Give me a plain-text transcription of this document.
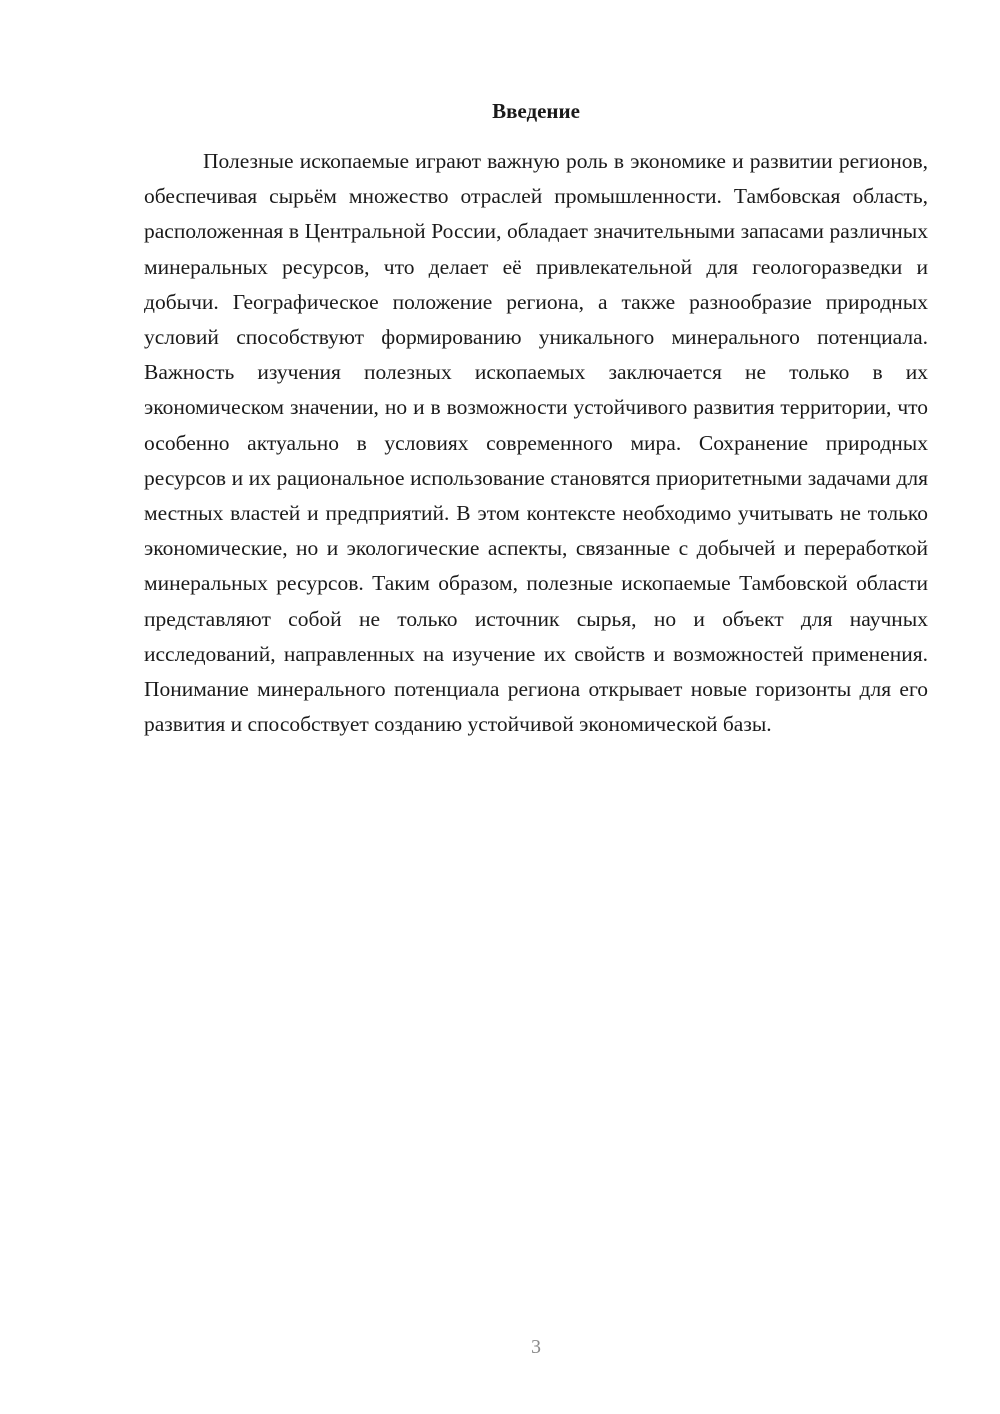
Введение

Полезные ископаемые играют важную роль в экономике и развитии регионов, обеспечивая сырьём множество отраслей промышленности. Тамбовская область, расположенная в Центральной России, обладает значительными запасами различных минеральных ресурсов, что делает её привлекательной для геологоразведки и добычи. Географическое положение региона, а также разнообразие природных условий способствуют формированию уникального минерального потенциала. Важность изучения полезных ископаемых заключается не только в их экономическом значении, но и в возможности устойчивого развития территории, что особенно актуально в условиях современного мира. Сохранение природных ресурсов и их рациональное использование становятся приоритетными задачами для местных властей и предприятий. В этом контексте необходимо учитывать не только экономические, но и экологические аспекты, связанные с добычей и переработкой минеральных ресурсов. Таким образом, полезные ископаемые Тамбовской области представляют собой не только источник сырья, но и объект для научных исследований, направленных на изучение их свойств и возможностей применения. Понимание минерального потенциала региона открывает новые горизонты для его развития и способствует созданию устойчивой экономической базы.

3
